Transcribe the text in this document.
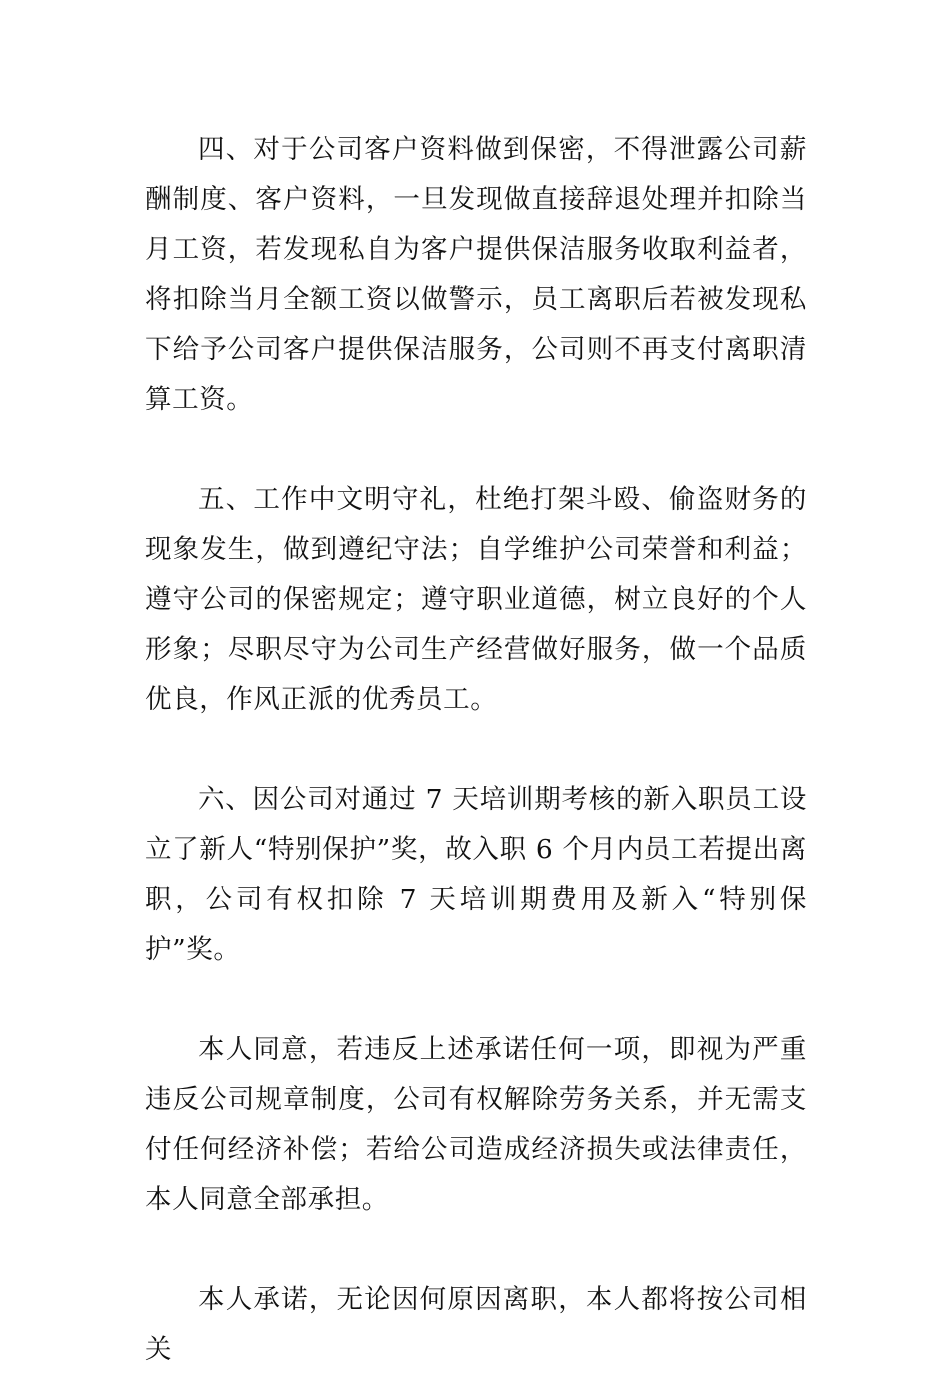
四、对于公司客户资料做到保密，不得泄露公司薪酬制度、客户资料，一旦发现做直接辞退处理并扣除当月工资，若发现私自为客户提供保洁服务收取利益者，将扣除当月全额工资以做警示，员工离职后若被发现私下给予公司客户提供保洁服务，公司则不再支付离职清算工资。

五、工作中文明守礼，杜绝打架斗殴、偷盗财务的现象发生，做到遵纪守法；自学维护公司荣誉和利益；遵守公司的保密规定；遵守职业道德，树立良好的个人形象；尽职尽守为公司生产经营做好服务，做一个品质优良，作风正派的优秀员工。

六、因公司对通过 7 天培训期考核的新入职员工设立了新人“特别保护”奖，故入职 6 个月内员工若提出离职，公司有权扣除 7 天培训期费用及新入“特别保护”奖。

本人同意，若违反上述承诺任何一项，即视为严重违反公司规章制度，公司有权解除劳务关系，并无需支付任何经济补偿；若给公司造成经济损失或法律责任，本人同意全部承担。

本人承诺，无论因何原因离职，本人都将按公司相关
